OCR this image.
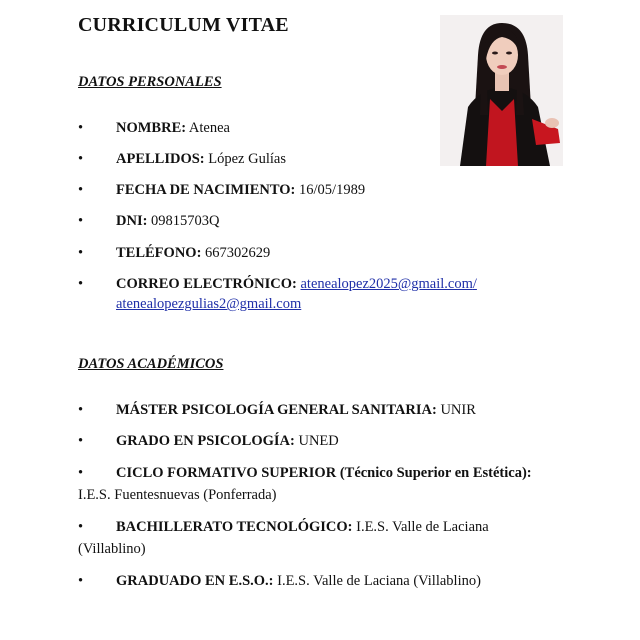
CURRICULUM VITAE
DATOS PERSONALES
• NOMBRE: Atenea
• APELLIDOS: López Gulías
• FECHA DE NACIMIENTO: 16/05/1989
• DNI: 09815703Q
• TELÉFONO: 667302629
• CORREO ELECTRÓNICO: atenealopez2025@gmail.com/
atenealopezgulias2@gmail.com
DATOS ACADÉMICOS
• MÁSTER PSICOLOGÍA GENERAL SANITARIA: UNIR
• GRADO EN PSICOLOGÍA: UNED
• CICLO FORMATIVO SUPERIOR (Técnico Superior en Estética):
I.E.S. Fuentesnuevas (Ponferrada)
• BACHILLERATO TECNOLÓGICO: I.E.S. Valle de Laciana
(Villablino)
• GRADUADO EN E.S.O.: I.E.S. Valle de Laciana (Villablino)
